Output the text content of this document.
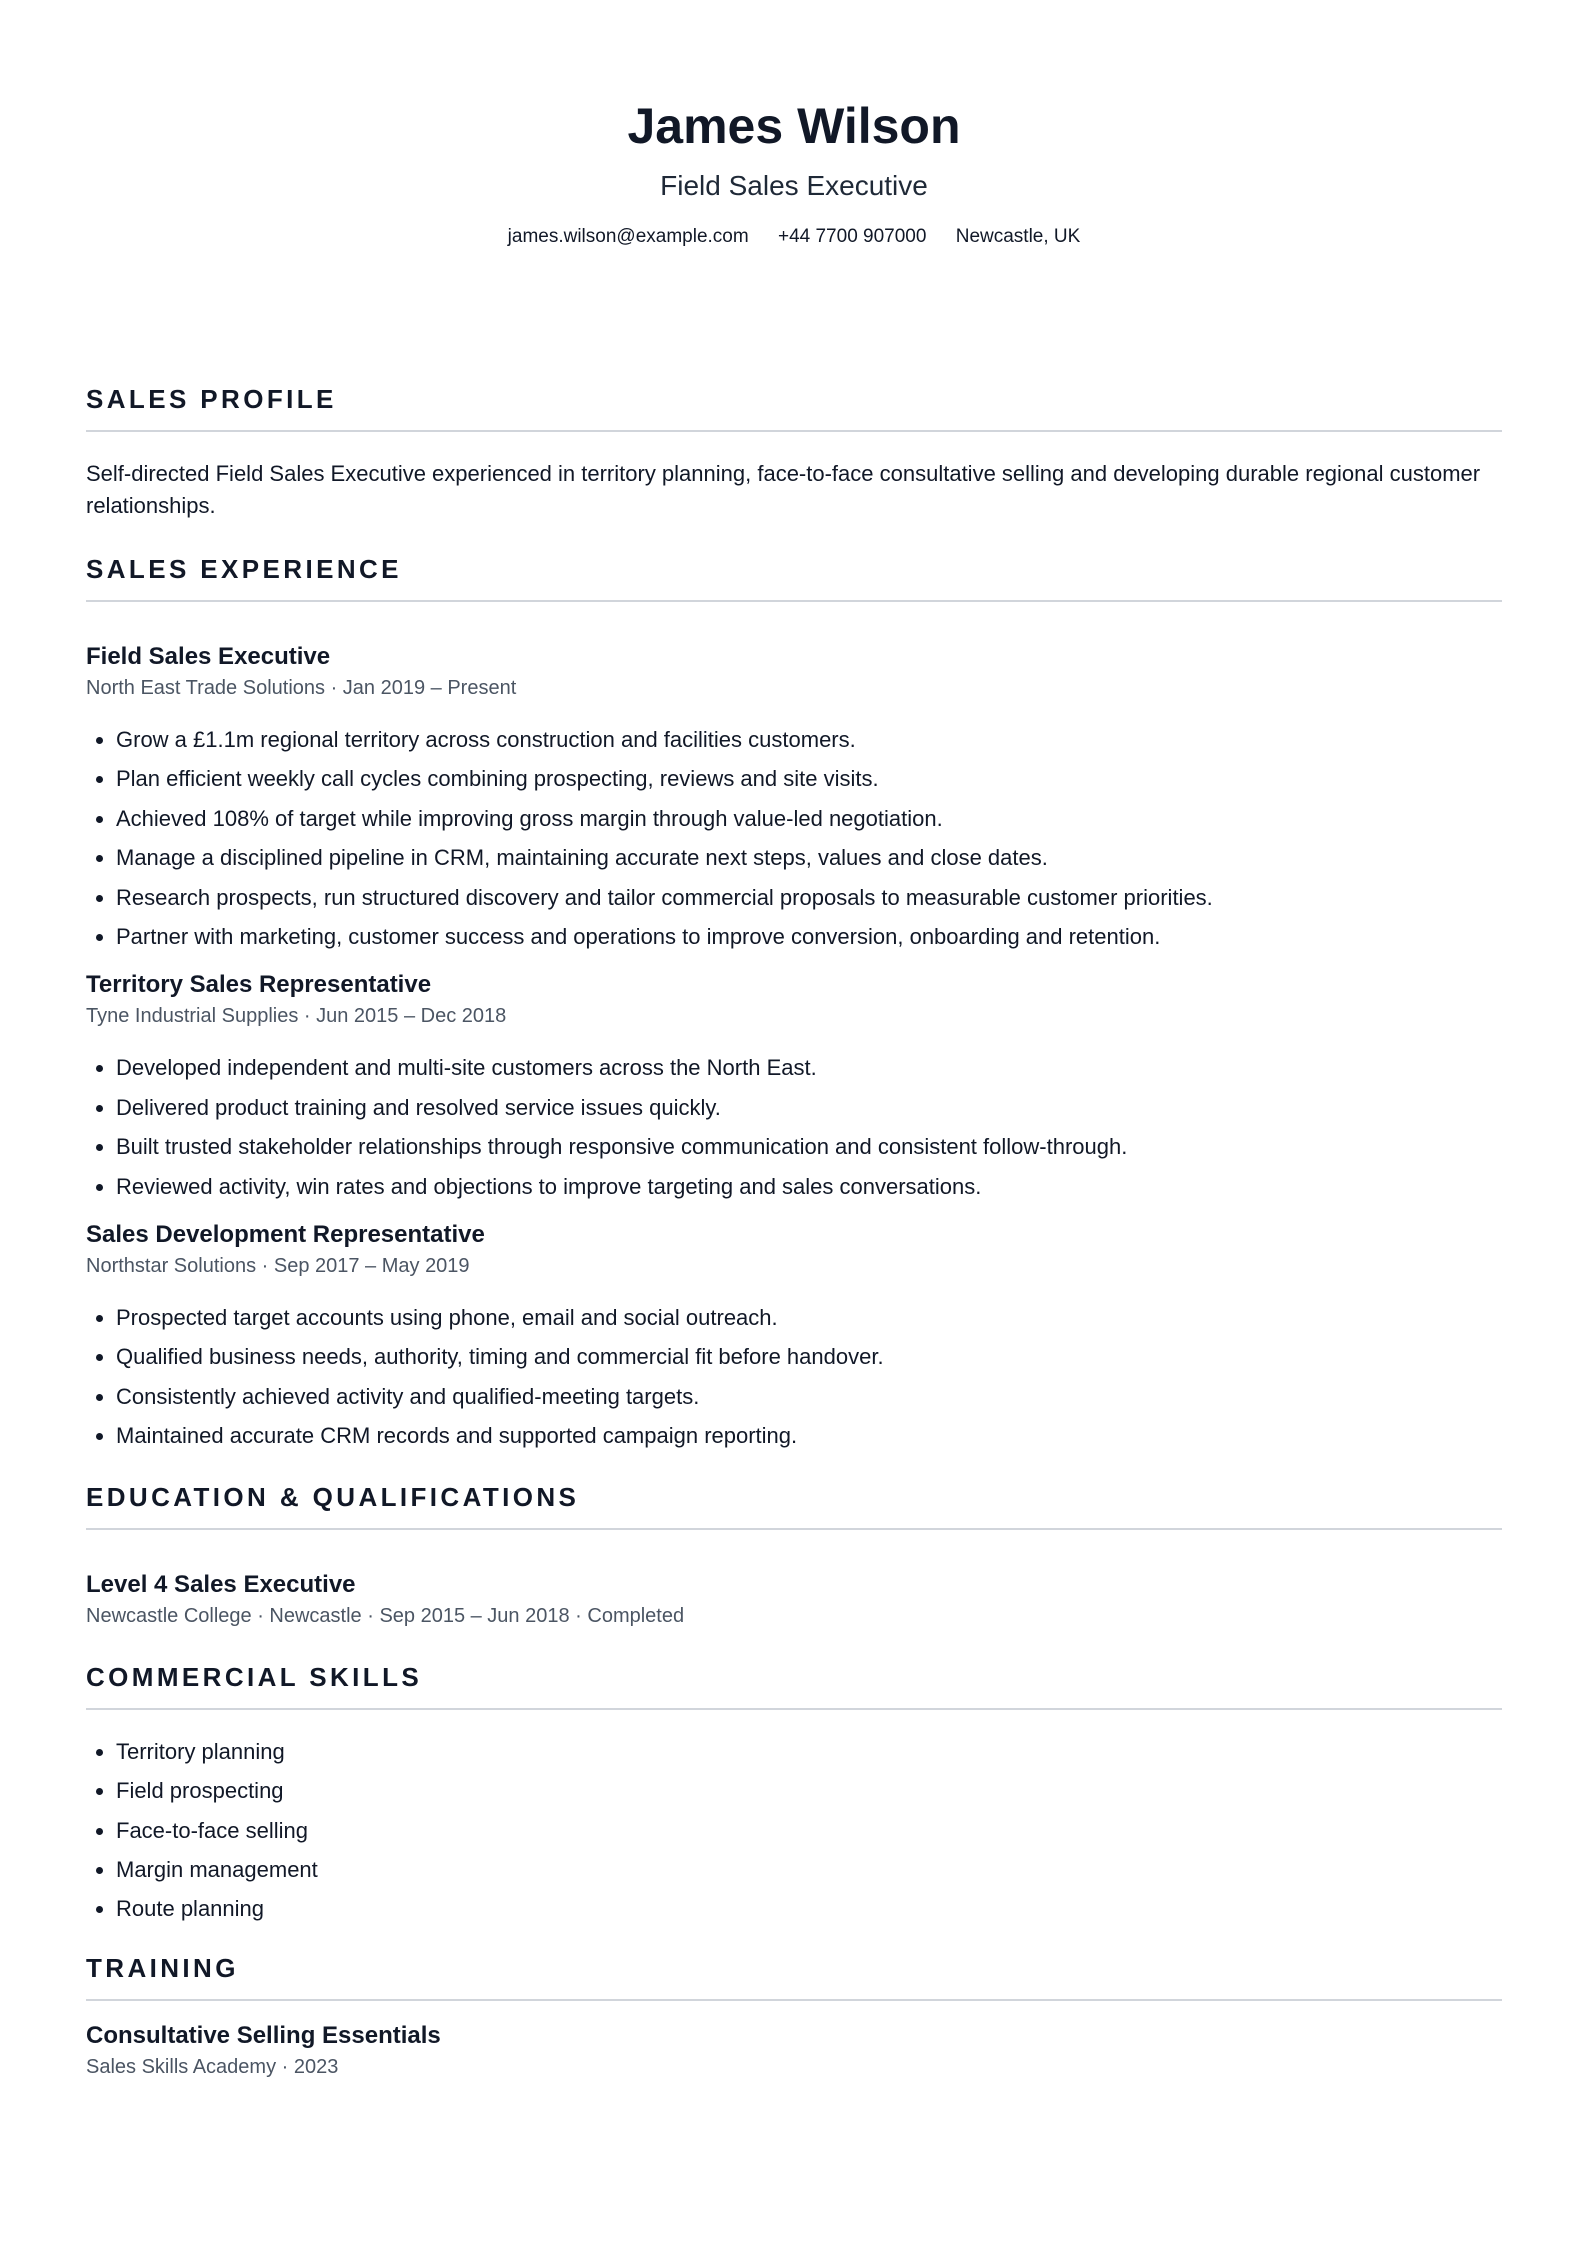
James Wilson
Field Sales Executive
james.wilson@example.com +44 7700 907000 Newcastle, UK
SALES PROFILE

Self-directed Field Sales Executive experienced in territory planning, face-to-face consultative selling and developing durable regional customer relationships.

SALES EXPERIENCE
Field Sales Executive
North East Trade Solutions · Jan 2019 – Present
• Grow a £1.1m regional territory across construction and facilities customers.
• Plan efficient weekly call cycles combining prospecting, reviews and site visits.
• Achieved 108% of target while improving gross margin through value-led negotiation.
• Manage a disciplined pipeline in CRM, maintaining accurate next steps, values and close dates.
• Research prospects, run structured discovery and tailor commercial proposals to measurable customer priorities.
• Partner with marketing, customer success and operations to improve conversion, onboarding and retention.
Territory Sales Representative
Tyne Industrial Supplies · Jun 2015 – Dec 2018
• Developed independent and multi-site customers across the North East.
• Delivered product training and resolved service issues quickly.
• Built trusted stakeholder relationships through responsive communication and consistent follow-through.
• Reviewed activity, win rates and objections to improve targeting and sales conversations.
Sales Development Representative
Northstar Solutions · Sep 2017 – May 2019
• Prospected target accounts using phone, email and social outreach.
• Qualified business needs, authority, timing and commercial fit before handover.
• Consistently achieved activity and qualified-meeting targets.
• Maintained accurate CRM records and supported campaign reporting.
EDUCATION & QUALIFICATIONS
Level 4 Sales Executive
Newcastle College · Newcastle · Sep 2015 – Jun 2018 · Completed
COMMERCIAL SKILLS
• Territory planning
• Field prospecting
• Face-to-face selling
• Margin management
• Route planning
TRAINING
Consultative Selling Essentials
Sales Skills Academy · 2023
